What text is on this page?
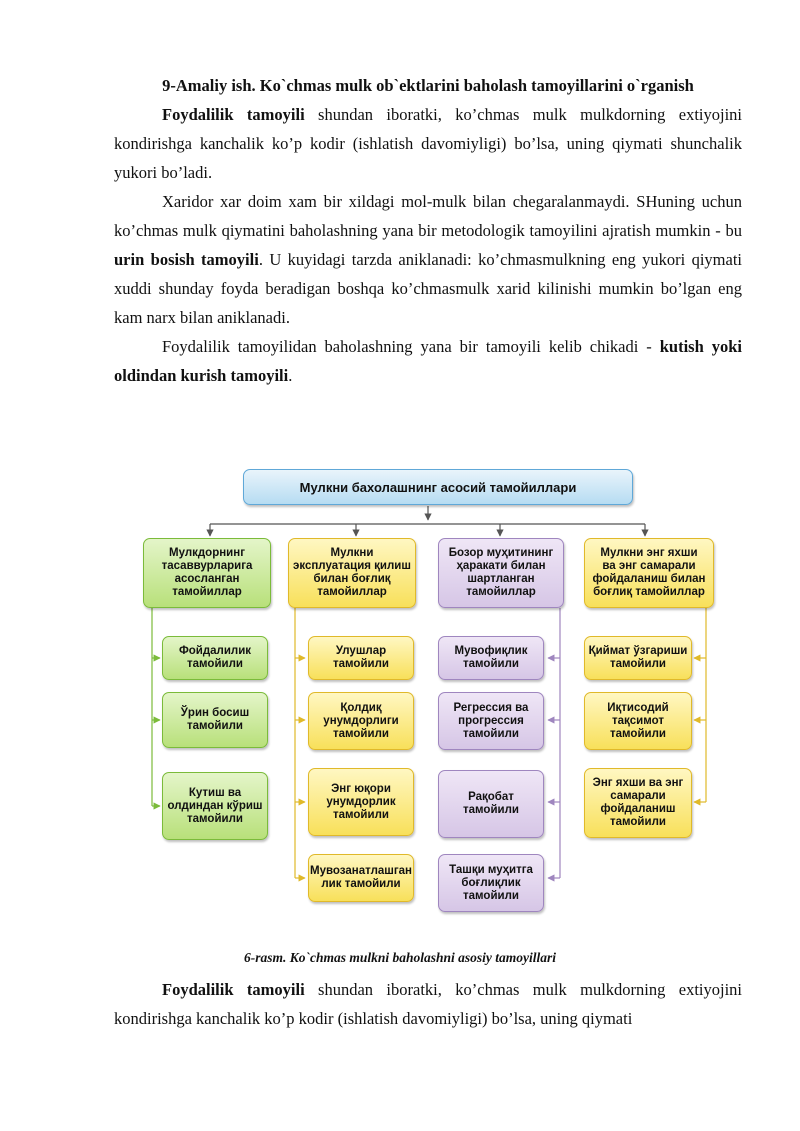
9-Amaliy ish. Ko`chmas mulk ob`ektlarini baholash tamoyillarini o`rganish

Foydalilik tamoyili shundan iboratki, ko’chmas mulk mulkdorning extiyojini kondirishga kanchalik ko’p kodir (ishlatish davomiyligi) bo’lsa, uning qiymati shunchalik yukori bo’ladi.

Xaridor xar doim xam bir xildagi mol-mulk bilan chegaralanmaydi. SHuning uchun ko’chmas mulk qiymatini baholashning yana bir metodologik tamoyilini ajratish mumkin - bu urin bosish tamoyili. U kuyidagi tarzda aniklanadi: ko’chmasmulkning eng yukori qiymati xuddi shunday foyda beradigan boshqa ko’chmasmulk xarid kilinishi mumkin bo’lgan eng kam narx bilan aniklanadi.

Foydalilik tamoyilidan baholashning yana bir tamoyili kelib chikadi - kutish yoki oldindan kurish tamoyili.

Мулкни бахолашнинг асосий тамойиллари
Мулкдорнинг
тасаввурларига
асосланган
тамойиллар
Мулкни
эксплуатация қилиш
билан боғлиқ
тамойиллар
Бозор муҳитининг
ҳаракати билан
шартланган
тамойиллар
Мулкни энг яхши
ва энг самарали
фойдаланиш билан
боғлиқ тамойиллар
Фойдалилик
тамойили
Ўрин босиш
тамойили
Кутиш ва
олдиндан кўриш
тамойили
Улушлар
тамойили
Қолдиқ
унумдорлиги
тамойили
Энг юқори
унумдорлик
тамойили
Мувозанатлашган
лик тамойили
Мувофиқлик
тамойили
Регрессия ва
прогрессия
тамойили
Рақобат
тамойили
Ташқи муҳитга
боғлиқлик
тамойили
Қиймат ўзгариши
тамойили
Иқтисодий
тақсимот
тамойили
Энг яхши ва энг
самарали
фойдаланиш
тамойили
6-rasm. Ko`chmas mulkni baholashni asosiy tamoyillari

Foydalilik tamoyili shundan iboratki, ko’chmas mulk mulkdorning extiyojini kondirishga kanchalik ko’p kodir (ishlatish davomiyligi) bo’lsa, uning qiymati
